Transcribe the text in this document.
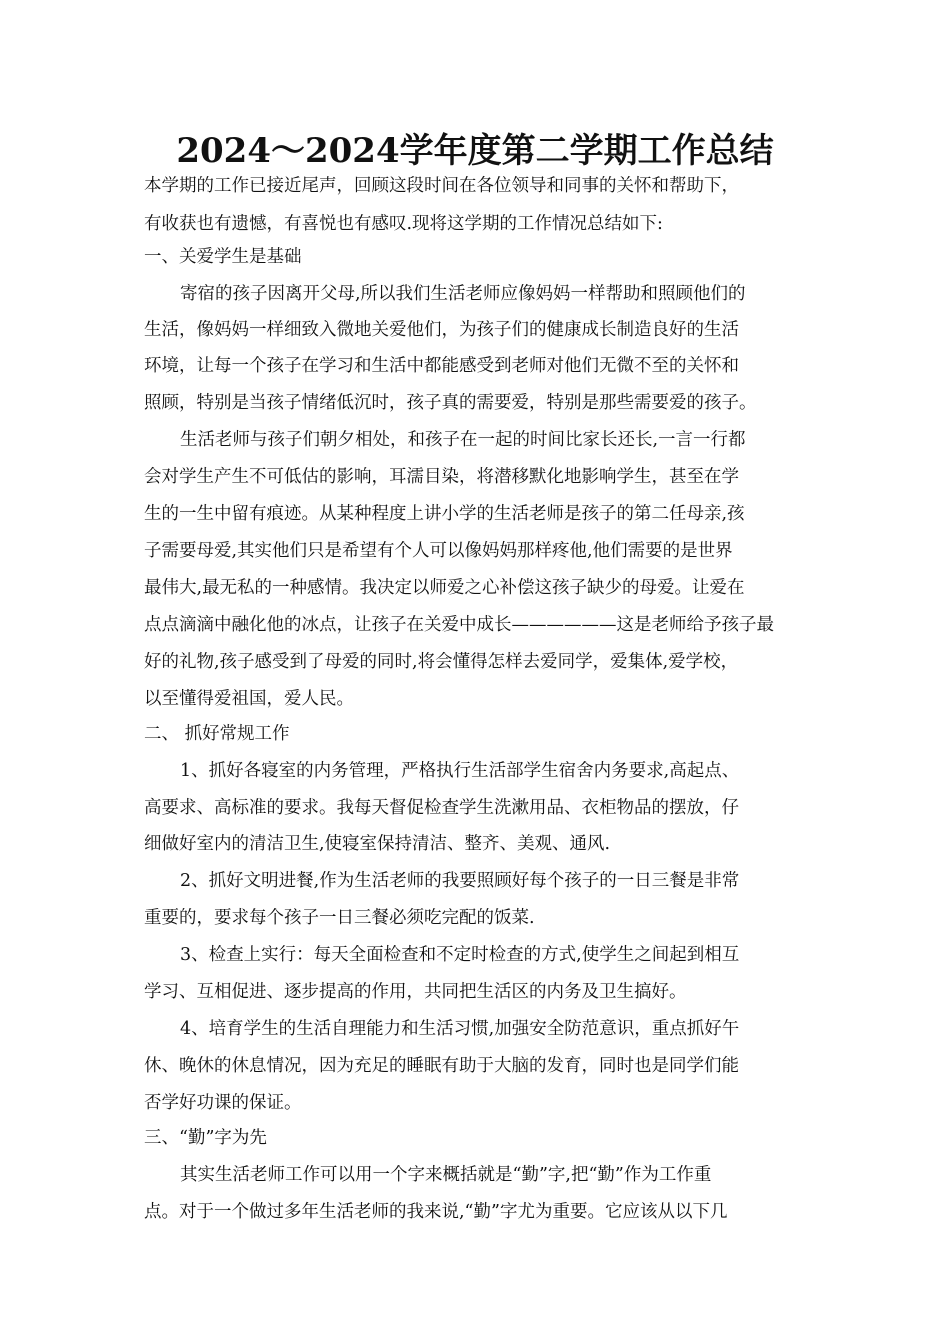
2024～2024学年度第二学期工作总结
本学期的工作已接近尾声，回顾这段时间在各位领导和同事的关怀和帮助下，
有收获也有遗憾，有喜悦也有感叹.现将这学期的工作情况总结如下:
一、关爱学生是基础
寄宿的孩子因离开父母,所以我们生活老师应像妈妈一样帮助和照顾他们的
生活，像妈妈一样细致入微地关爱他们，为孩子们的健康成长制造良好的生活
环境，让每一个孩子在学习和生活中都能感受到老师对他们无微不至的关怀和
照顾，特别是当孩子情绪低沉时，孩子真的需要爱，特别是那些需要爱的孩子。
生活老师与孩子们朝夕相处，和孩子在一起的时间比家长还长,一言一行都
会对学生产生不可低估的影响，耳濡目染，将潜移默化地影响学生，甚至在学
生的一生中留有痕迹。从某种程度上讲小学的生活老师是孩子的第二任母亲,孩
子需要母爱,其实他们只是希望有个人可以像妈妈那样疼他,他们需要的是世界
最伟大,最无私的一种感情。我决定以师爱之心补偿这孩子缺少的母爱。让爱在
点点滴滴中融化他的冰点，让孩子在关爱中成长——————这是老师给予孩子最
好的礼物,孩子感受到了母爱的同时,将会懂得怎样去爱同学，爱集体,爱学校，
以至懂得爱祖国，爱人民。
二、 抓好常规工作
1、抓好各寝室的内务管理，严格执行生活部学生宿舍内务要求,高起点、
高要求、高标准的要求。我每天督促检查学生洗漱用品、衣柜物品的摆放，仔
细做好室内的清洁卫生,使寝室保持清洁、整齐、美观、通风.
2、抓好文明进餐,作为生活老师的我要照顾好每个孩子的一日三餐是非常
重要的，要求每个孩子一日三餐必须吃完配的饭菜.
3、检查上实行：每天全面检查和不定时检查的方式,使学生之间起到相互
学习、互相促进、逐步提高的作用，共同把生活区的内务及卫生搞好。
4、培育学生的生活自理能力和生活习惯,加强安全防范意识，重点抓好午
休、晚休的休息情况，因为充足的睡眠有助于大脑的发育，同时也是同学们能
否学好功课的保证。
三、“勤”字为先
其实生活老师工作可以用一个字来概括就是“勤”字,把“勤”作为工作重
点。对于一个做过多年生活老师的我来说,“勤”字尤为重要。它应该从以下几
